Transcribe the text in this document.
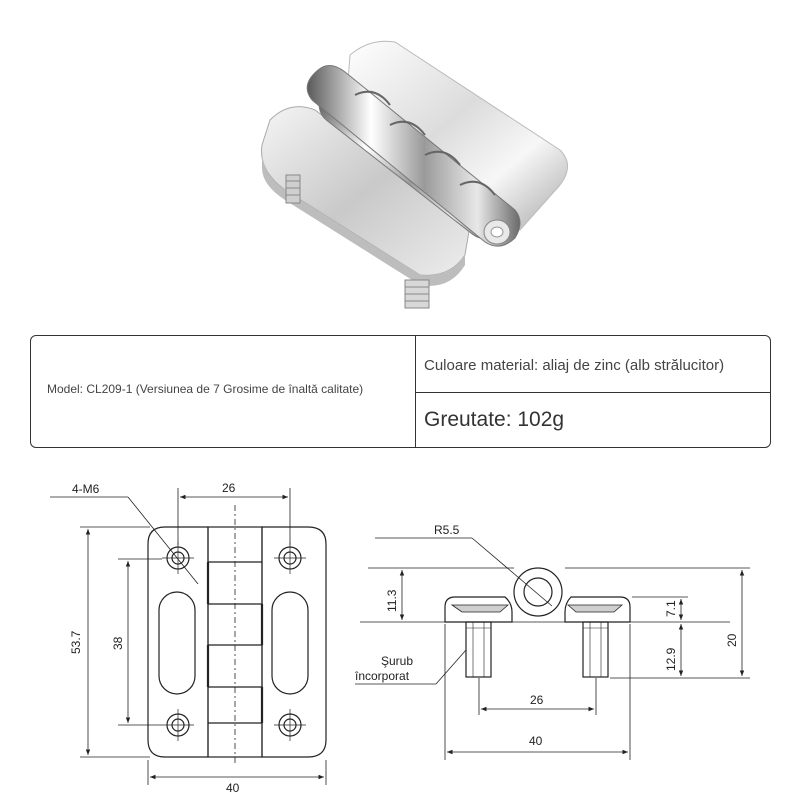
Model: CL209-1 (Versiunea de 7 Grosime de înaltă calitate)
Culoare material: aliaj de zinc (alb strălucitor)
Greutate: 102g
4-M6	26
53.7 38
40
R5.5
11.3	7.1
20
12.9
26
40
Şurub
încorporat
